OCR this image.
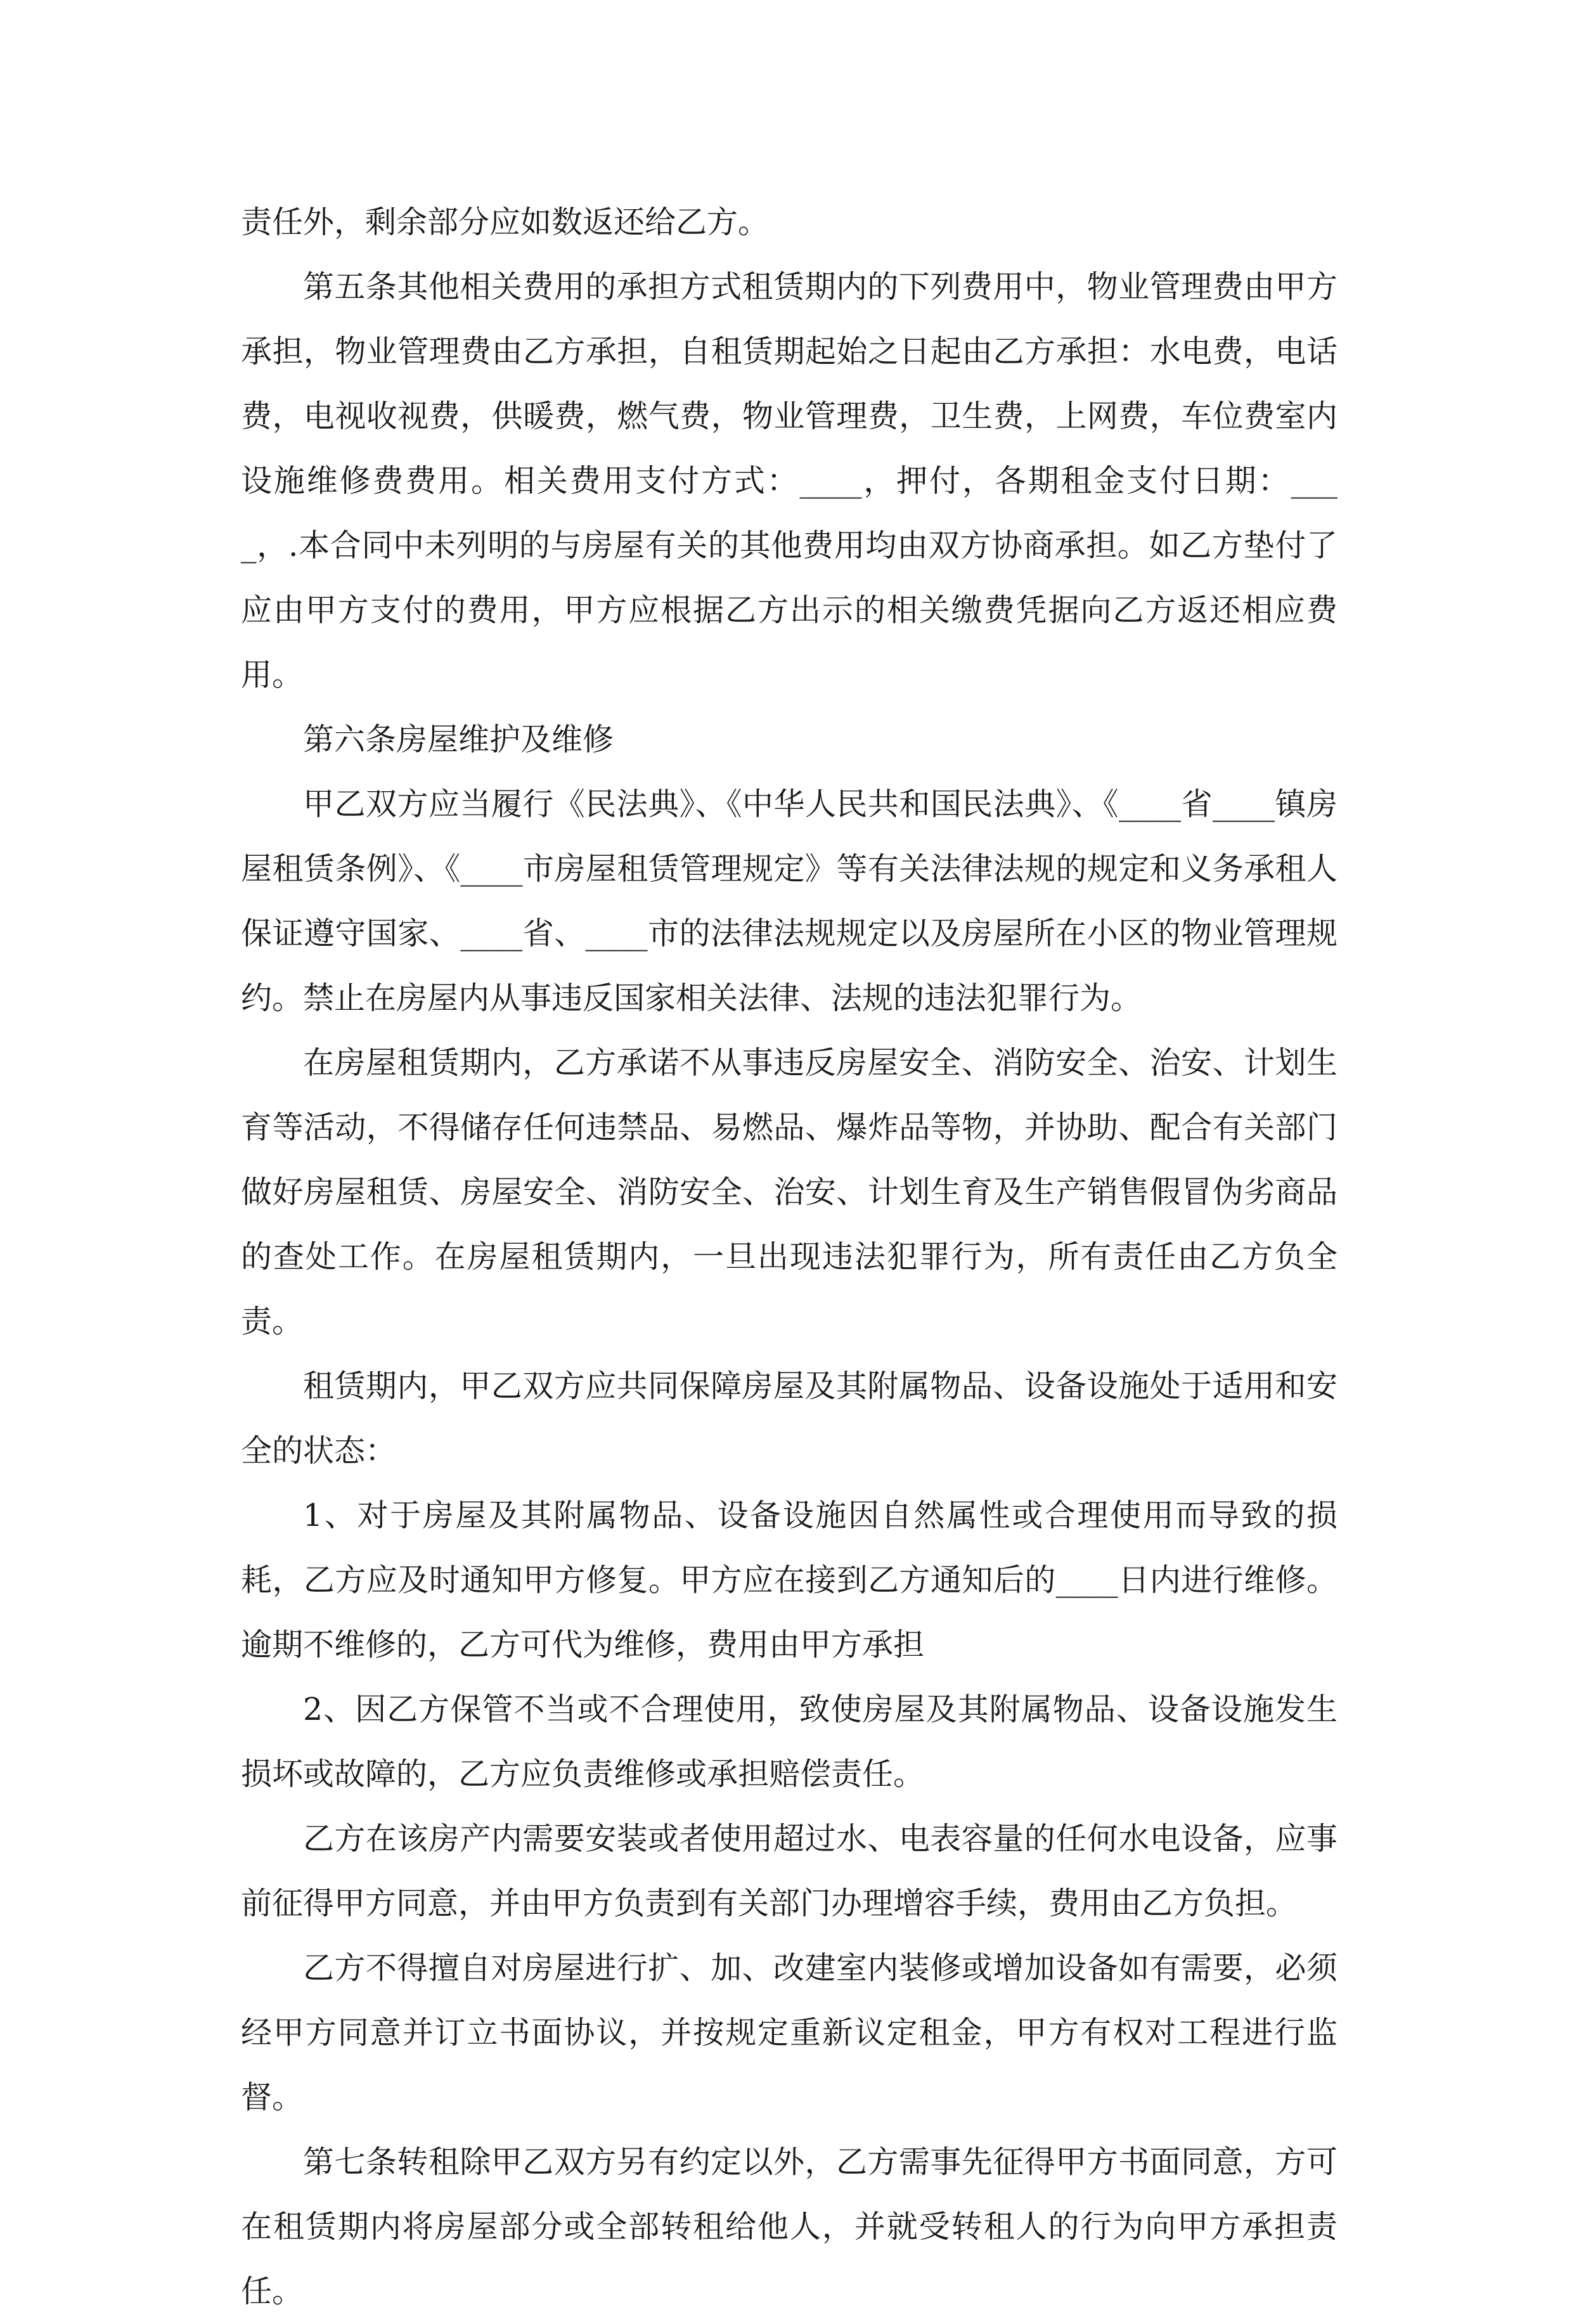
责任外，剩余部分应如数返还给乙方。

第五条其他相关费用的承担方式租赁期内的下列费用中，物业管理费由甲方承担，物业管理费由乙方承担，自租赁期起始之日起由乙方承担：水电费，电话费，电视收视费，供暖费，燃气费，物业管理费，卫生费，上网费，车位费室内设施维修费费用。相关费用支付方式：____，押付，各期租金支付日期：____，.本合同中未列明的与房屋有关的其他费用均由双方协商承担。如乙方垫付了应由甲方支付的费用，甲方应根据乙方出示的相关缴费凭据向乙方返还相应费用。

第六条房屋维护及维修

甲乙双方应当履行《民法典》、《中华人民共和国民法典》、《____省____镇房屋租赁条例》、《____市房屋租赁管理规定》等有关法律法规的规定和义务承租人保证遵守国家、____省、____市的法律法规规定以及房屋所在小区的物业管理规约。禁止在房屋内从事违反国家相关法律、法规的违法犯罪行为。

在房屋租赁期内，乙方承诺不从事违反房屋安全、消防安全、治安、计划生育等活动，不得储存任何违禁品、易燃品、爆炸品等物，并协助、配合有关部门做好房屋租赁、房屋安全、消防安全、治安、计划生育及生产销售假冒伪劣商品的查处工作。在房屋租赁期内，一旦出现违法犯罪行为，所有责任由乙方负全责。

租赁期内，甲乙双方应共同保障房屋及其附属物品、设备设施处于适用和安全的状态：

1、对于房屋及其附属物品、设备设施因自然属性或合理使用而导致的损耗，乙方应及时通知甲方修复。甲方应在接到乙方通知后的____日内进行维修。逾期不维修的，乙方可代为维修，费用由甲方承担

2、因乙方保管不当或不合理使用，致使房屋及其附属物品、设备设施发生损坏或故障的，乙方应负责维修或承担赔偿责任。

乙方在该房产内需要安装或者使用超过水、电表容量的任何水电设备，应事前征得甲方同意，并由甲方负责到有关部门办理增容手续，费用由乙方负担。

乙方不得擅自对房屋进行扩、加、改建室内装修或增加设备如有需要，必须经甲方同意并订立书面协议，并按规定重新议定租金，甲方有权对工程进行监督。

第七条转租除甲乙双方另有约定以外，乙方需事先征得甲方书面同意，方可在租赁期内将房屋部分或全部转租给他人，并就受转租人的行为向甲方承担责任。
